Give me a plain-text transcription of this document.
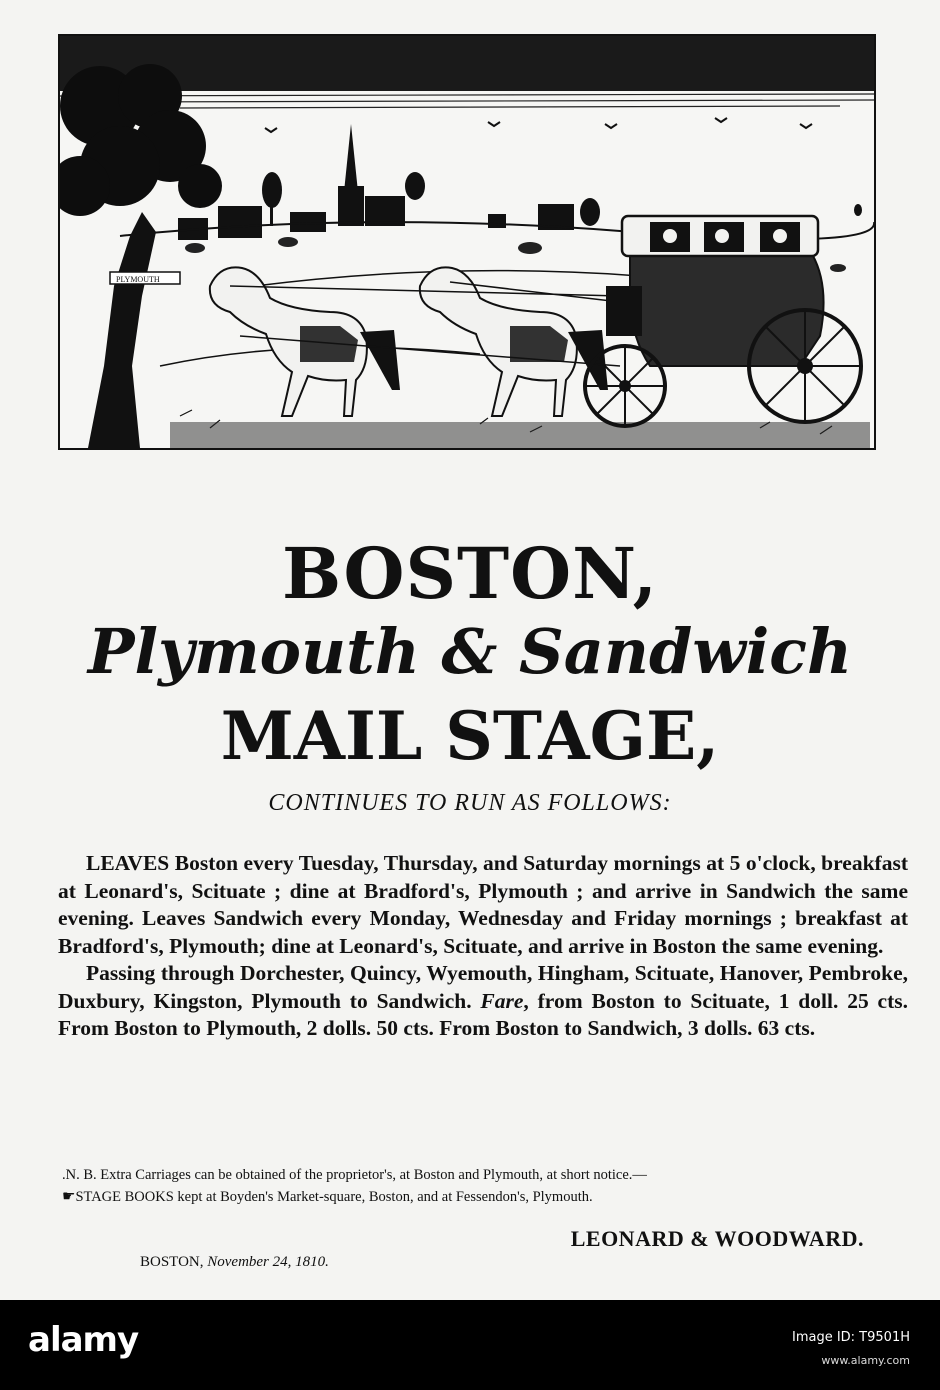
PLYMOUTH
BOSTON,
Plymouth & Sandwich
MAIL STAGE,
CONTINUES TO RUN AS FOLLOWS:

LEAVES Boston every Tuesday, Thursday, and Saturday mornings at 5 o'clock, breakfast at Leonard's, Scituate ; dine at Bradford's, Plymouth ; and arrive in Sandwich the same evening. Leaves Sandwich every Monday, Wednesday and Friday mornings ; breakfast at Bradford's, Plymouth; dine at Leonard's, Scituate, and arrive in Boston the same evening.

Passing through Dorchester, Quincy, Wyemouth, Hingham, Scituate, Hanover, Pembroke, Duxbury, Kingston, Plymouth to Sandwich. Fare, from Boston to Scituate, 1 doll. 25 cts. From Boston to Plymouth, 2 dolls. 50 cts. From Boston to Sandwich, 3 dolls. 63 cts.

.N. B. Extra Carriages can be obtained of the proprietor's, at Boston and Plymouth, at short notice.—
☛STAGE BOOKS kept at Boyden's Market-square, Boston, and at Fessendon's, Plymouth.
LEONARD & WOODWARD.
BOSTON, November 24, 1810.
alamy	Image ID: T9501H
www.alamy.com
